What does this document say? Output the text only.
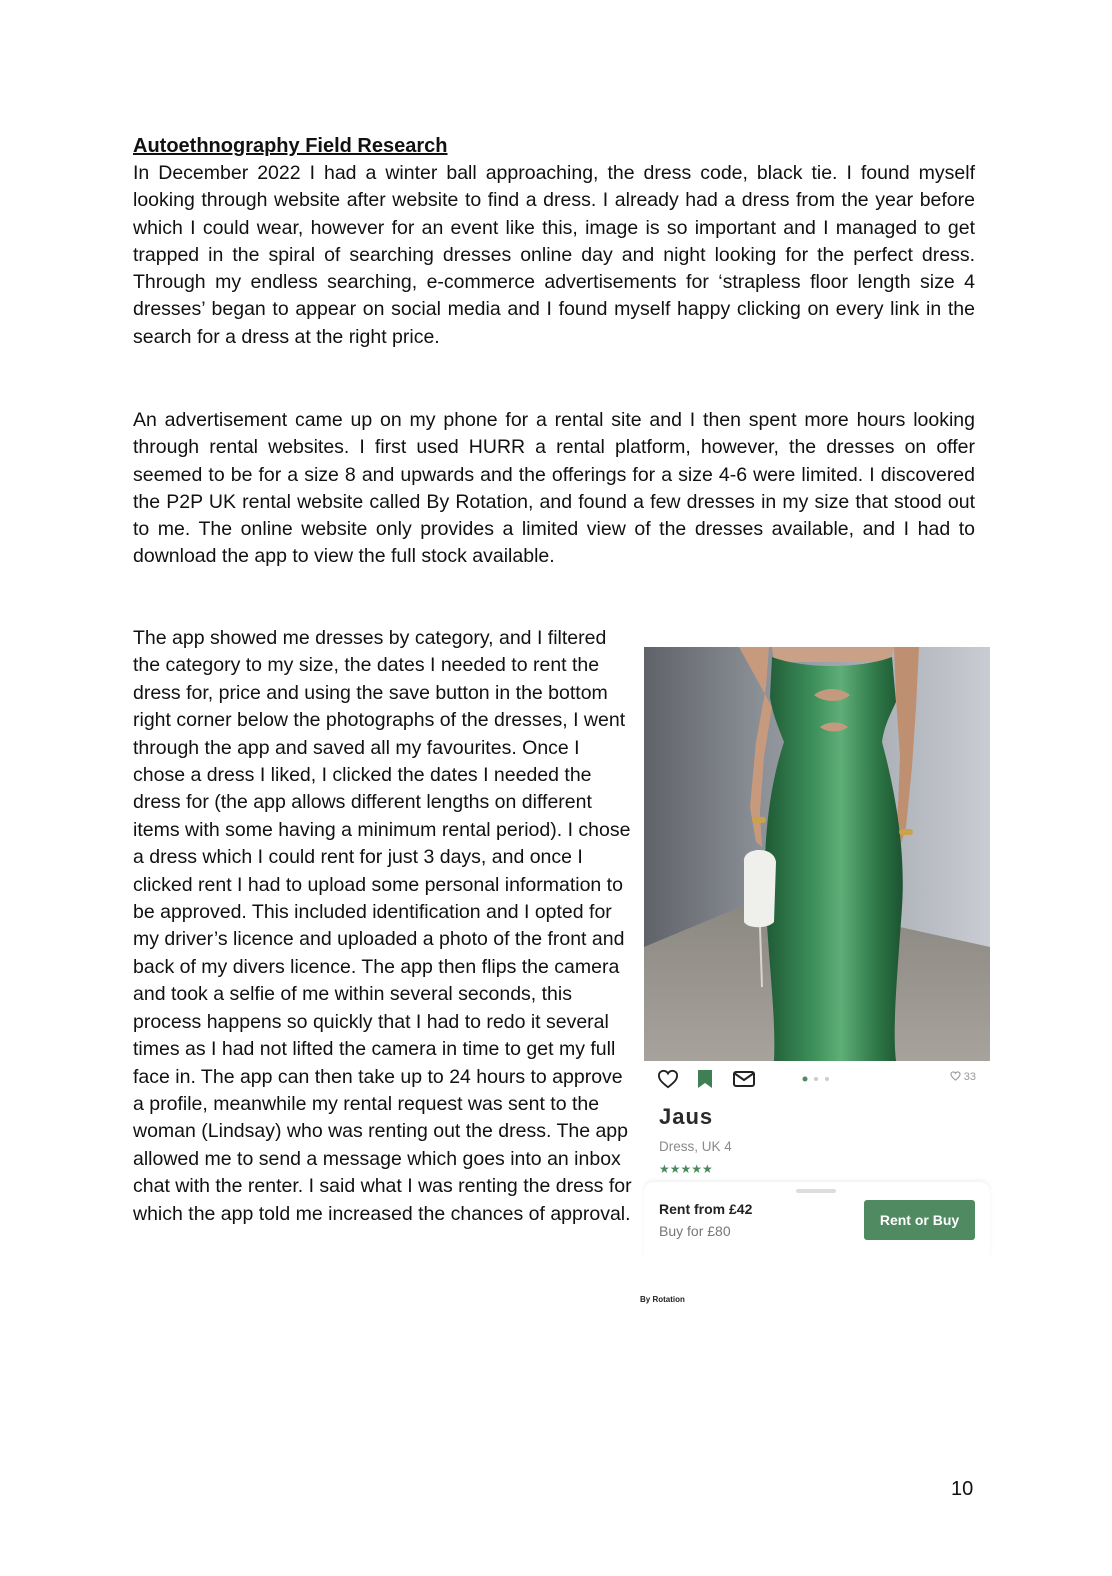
Autoethnography Field Research

In December 2022 I had a winter ball approaching, the dress code, black tie. I found myself looking through website after website to find a dress. I already had a dress from the year before which I could wear, however for an event like this, image is so important and I managed to get trapped in the spiral of searching dresses online day and night looking for the perfect dress. Through my endless searching, e-commerce advertisements for ‘strapless floor length size 4 dresses’ began to appear on social media and I found myself happy clicking on every link in the search for a dress at the right price.

An advertisement came up on my phone for a rental site and I then spent more hours looking through rental websites. I first used HURR a rental platform, however, the dresses on offer seemed to be for a size 8 and upwards and the offerings for a size 4-6 were limited. I discovered the P2P UK rental website called By Rotation, and found a few dresses in my size that stood out to me. The online website only provides a limited view of the dresses available, and I had to download the app to view the full stock available.

The app showed me dresses by category, and I filtered the category to my size, the dates I needed to rent the dress for, price and using the save button in the bottom right corner below the photographs of the dresses, I went through the app and saved all my favourites. Once I chose a dress I liked, I clicked the dates I needed the dress for (the app allows different lengths on different items with some having a minimum rental period). I chose a dress which I could rent for just 3 days, and once I clicked rent I had to upload some personal information to be approved. This included identification and I opted for my driver’s licence and uploaded a photo of the front and back of my divers licence. The app then flips the camera and took a selfie of me within several seconds, this process happens so quickly that I had to redo it several times as I had not lifted the camera in time to get my full face in. The app can then take up to 24 hours to approve a profile, meanwhile my rental request was sent to the woman (Lindsay) who was renting out the dress. The app allowed me to send a message which goes into an inbox chat with the renter. I said what I was renting the dress for which the app told me increased the chances of approval.

33
Jaus
Dress, UK 4
★★★★★
Rent from £42
Buy for £80
Rent or Buy
By Rotation
10
